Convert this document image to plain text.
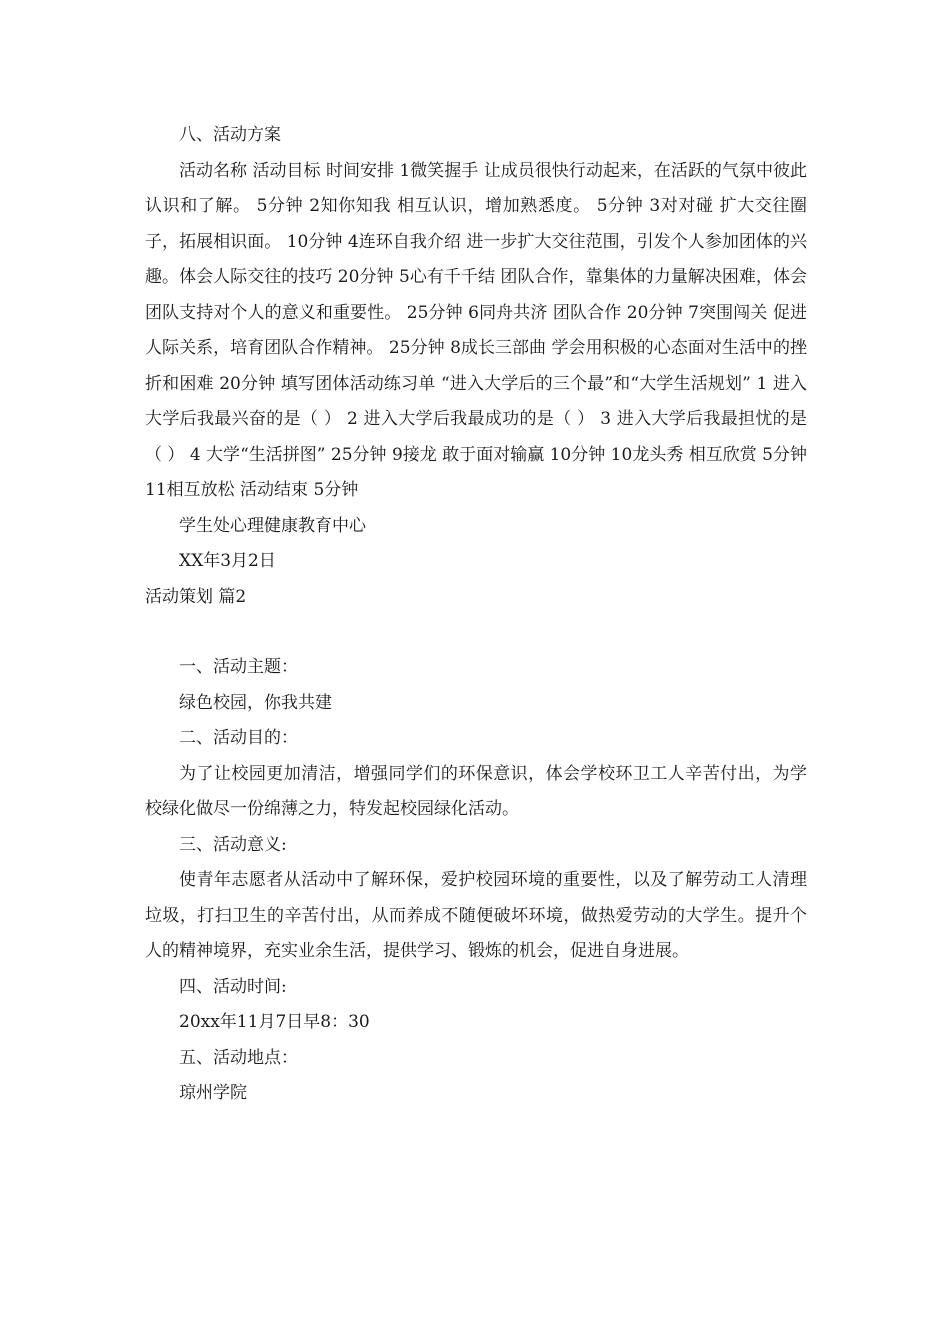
八、活动方案

活动名称 活动目标 时间安排 1微笑握手 让成员很快行动起来，在活跃的气氛中彼此认识和了解。 5分钟 2知你知我 相互认识，增加熟悉度。 5分钟 3对对碰 扩大交往圈子，拓展相识面。 10分钟 4连环自我介绍 进一步扩大交往范围，引发个人参加团体的兴趣。体会人际交往的技巧 20分钟 5心有千千结 团队合作，靠集体的力量解决困难，体会团队支持对个人的意义和重要性。 25分钟 6同舟共济 团队合作 20分钟 7突围闯关 促进人际关系，培育团队合作精神。 25分钟 8成长三部曲 学会用积极的心态面对生活中的挫折和困难 20分钟 填写团体活动练习单 “进入大学后的三个最”和“大学生活规划” 1 进入大学后我最兴奋的是（ ） 2 进入大学后我最成功的是（ ） 3 进入大学后我最担忧的是（ ） 4 大学“生活拼图” 25分钟 9接龙 敢于面对输赢 10分钟 10龙头秀 相互欣赏 5分钟 11相互放松 活动结束 5分钟

学生处心理健康教育中心

XX年3月2日

活动策划 篇2

一、活动主题：

绿色校园，你我共建

二、活动目的：

为了让校园更加清洁，增强同学们的环保意识，体会学校环卫工人辛苦付出，为学校绿化做尽一份绵薄之力，特发起校园绿化活动。

三、活动意义:

使青年志愿者从活动中了解环保，爱护校园环境的重要性，以及了解劳动工人清理垃圾，打扫卫生的辛苦付出，从而养成不随便破坏环境，做热爱劳动的大学生。提升个人的精神境界，充实业余生活，提供学习、锻炼的机会，促进自身进展。

四、活动时间:

20xx年11月7日早8：30

五、活动地点：

琼州学院
